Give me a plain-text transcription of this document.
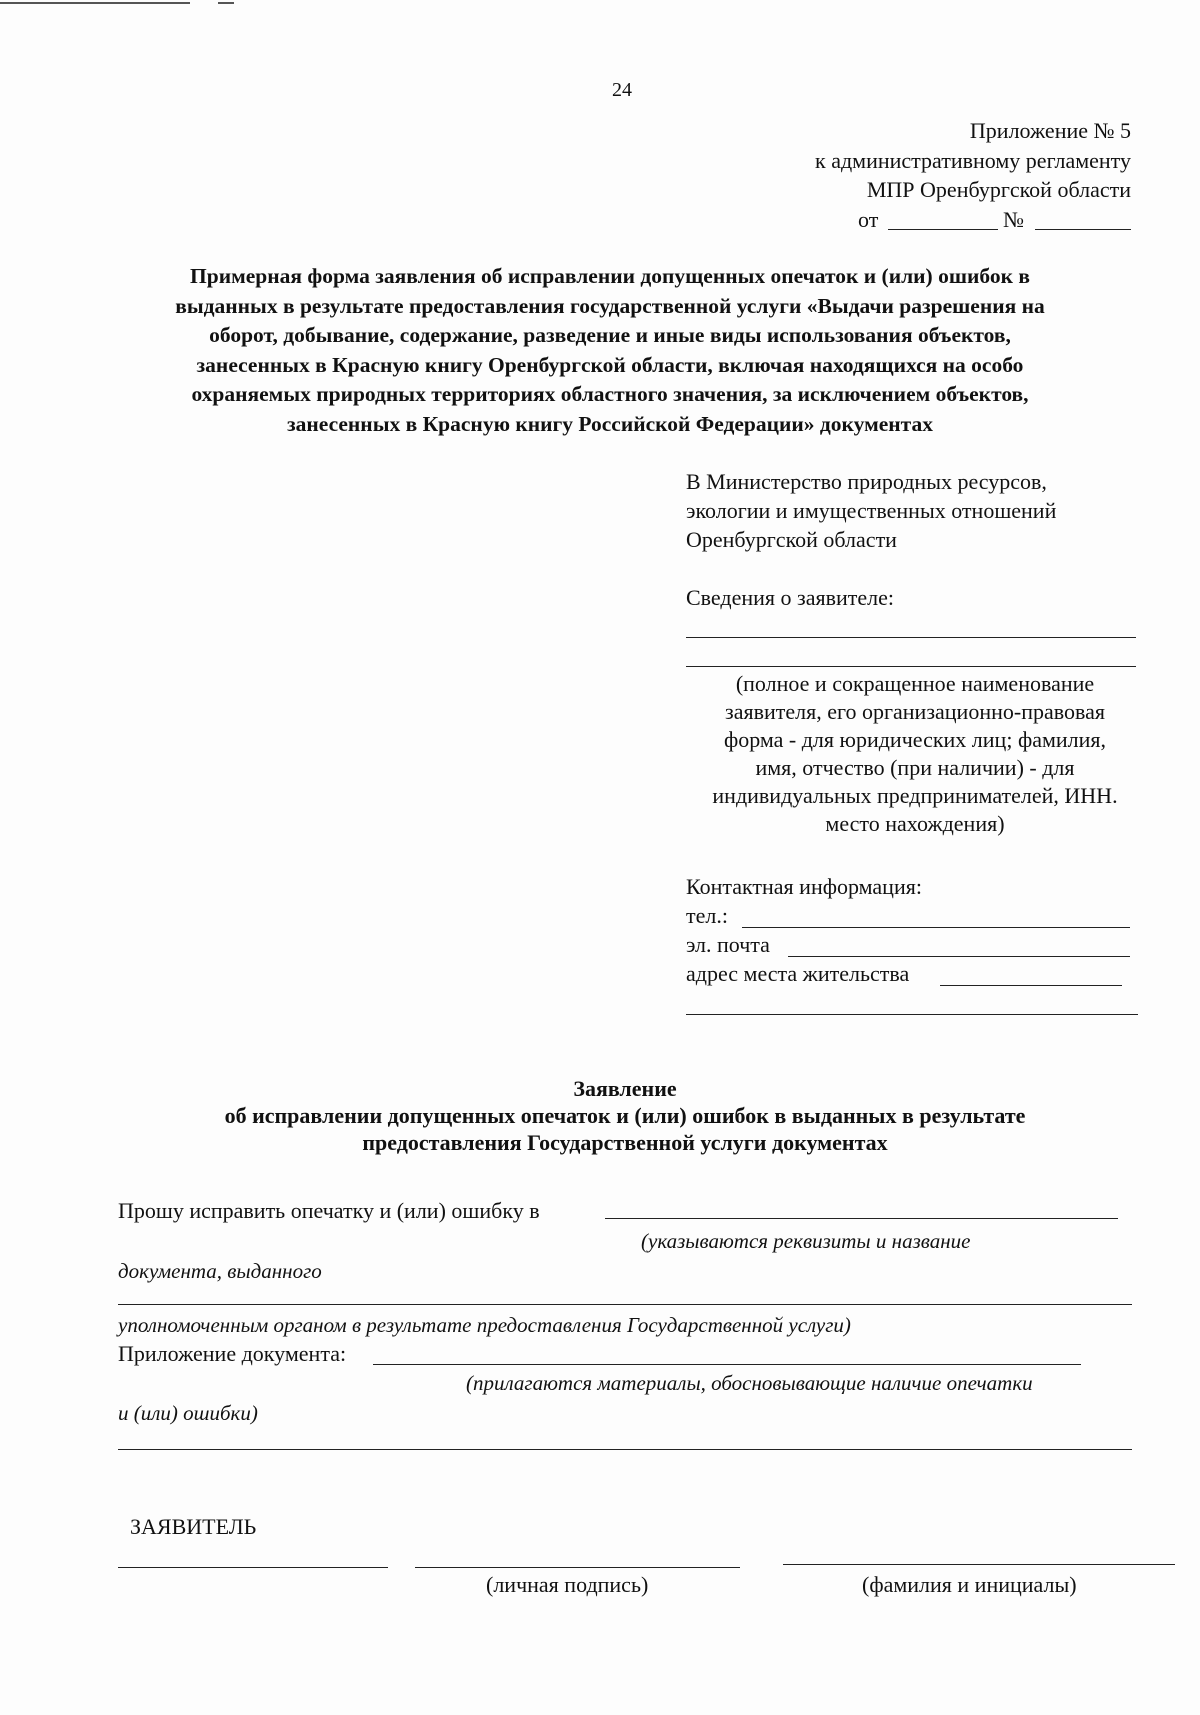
24
Приложение № 5
к административному регламенту
МПР Оренбургской области
от	№
Примерная форма заявления об исправлении допущенных опечаток и (или) ошибок в
выданных в результате предоставления государственной услуги «Выдачи разрешения на
оборот, добывание, содержание, разведение и иные виды использования объектов,
занесенных в Красную книгу Оренбургской области, включая находящихся на особо
охраняемых природных территориях областного значения, за исключением объектов,
занесенных в Красную книгу Российской Федерации» документах
В Министерство природных ресурсов,
экологии и имущественных отношений
Оренбургской области
Сведения о заявителе:
(полное и сокращенное наименование
заявителя, его организационно-правовая
форма - для юридических лиц; фамилия,
имя, отчество (при наличии) - для
индивидуальных предпринимателей, ИНН.
место нахождения)
Контактная информация:
тел.:
эл. почта
адрес места жительства
Заявление
об исправлении допущенных опечаток и (или) ошибок в выданных в результате
предоставления Государственной услуги документах
Прошу исправить опечатку и (или) ошибку в
(указываются реквизиты и название
документа, выданного
уполномоченным органом в результате предоставления Государственной услуги)
Приложение документа:
(прилагаются материалы, обосновывающие наличие опечатки
и (или) ошибки)
ЗАЯВИТЕЛЬ
(личная подпись)	(фамилия и инициалы)
